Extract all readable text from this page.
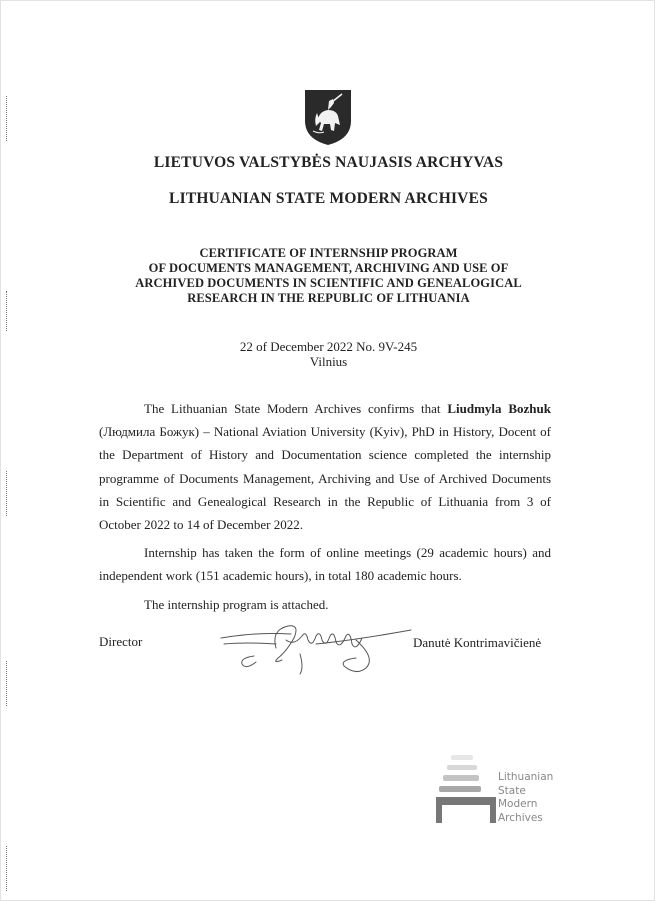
LIETUVOS VALSTYBĖS NAUJASIS ARCHYVAS
LITHUANIAN STATE MODERN ARCHIVES
CERTIFICATE OF INTERNSHIP PROGRAM
OF DOCUMENTS MANAGEMENT, ARCHIVING AND USE OF
ARCHIVED DOCUMENTS IN SCIENTIFIC AND GENEALOGICAL
RESEARCH IN THE REPUBLIC OF LITHUANIA
22 of December 2022 No. 9V-245
Vilnius

The Lithuanian State Modern Archives confirms that Liudmyla Bozhuk (Людмила Божук) – National Aviation University (Kyiv), PhD in History, Docent of the Department of History and Documentation science completed the internship programme of Documents Management, Archiving and Use of Archived Documents in Scientific and Genealogical Research in the Republic of Lithuania from 3 of October 2022 to 14 of December 2022.

Internship has taken the form of online meetings (29 academic hours) and independent work (151 academic hours), in total 180 academic hours.

The internship program is attached.

Director	Danutė Kontrimavičienė
Lithuanian
State
Modern
Archives
